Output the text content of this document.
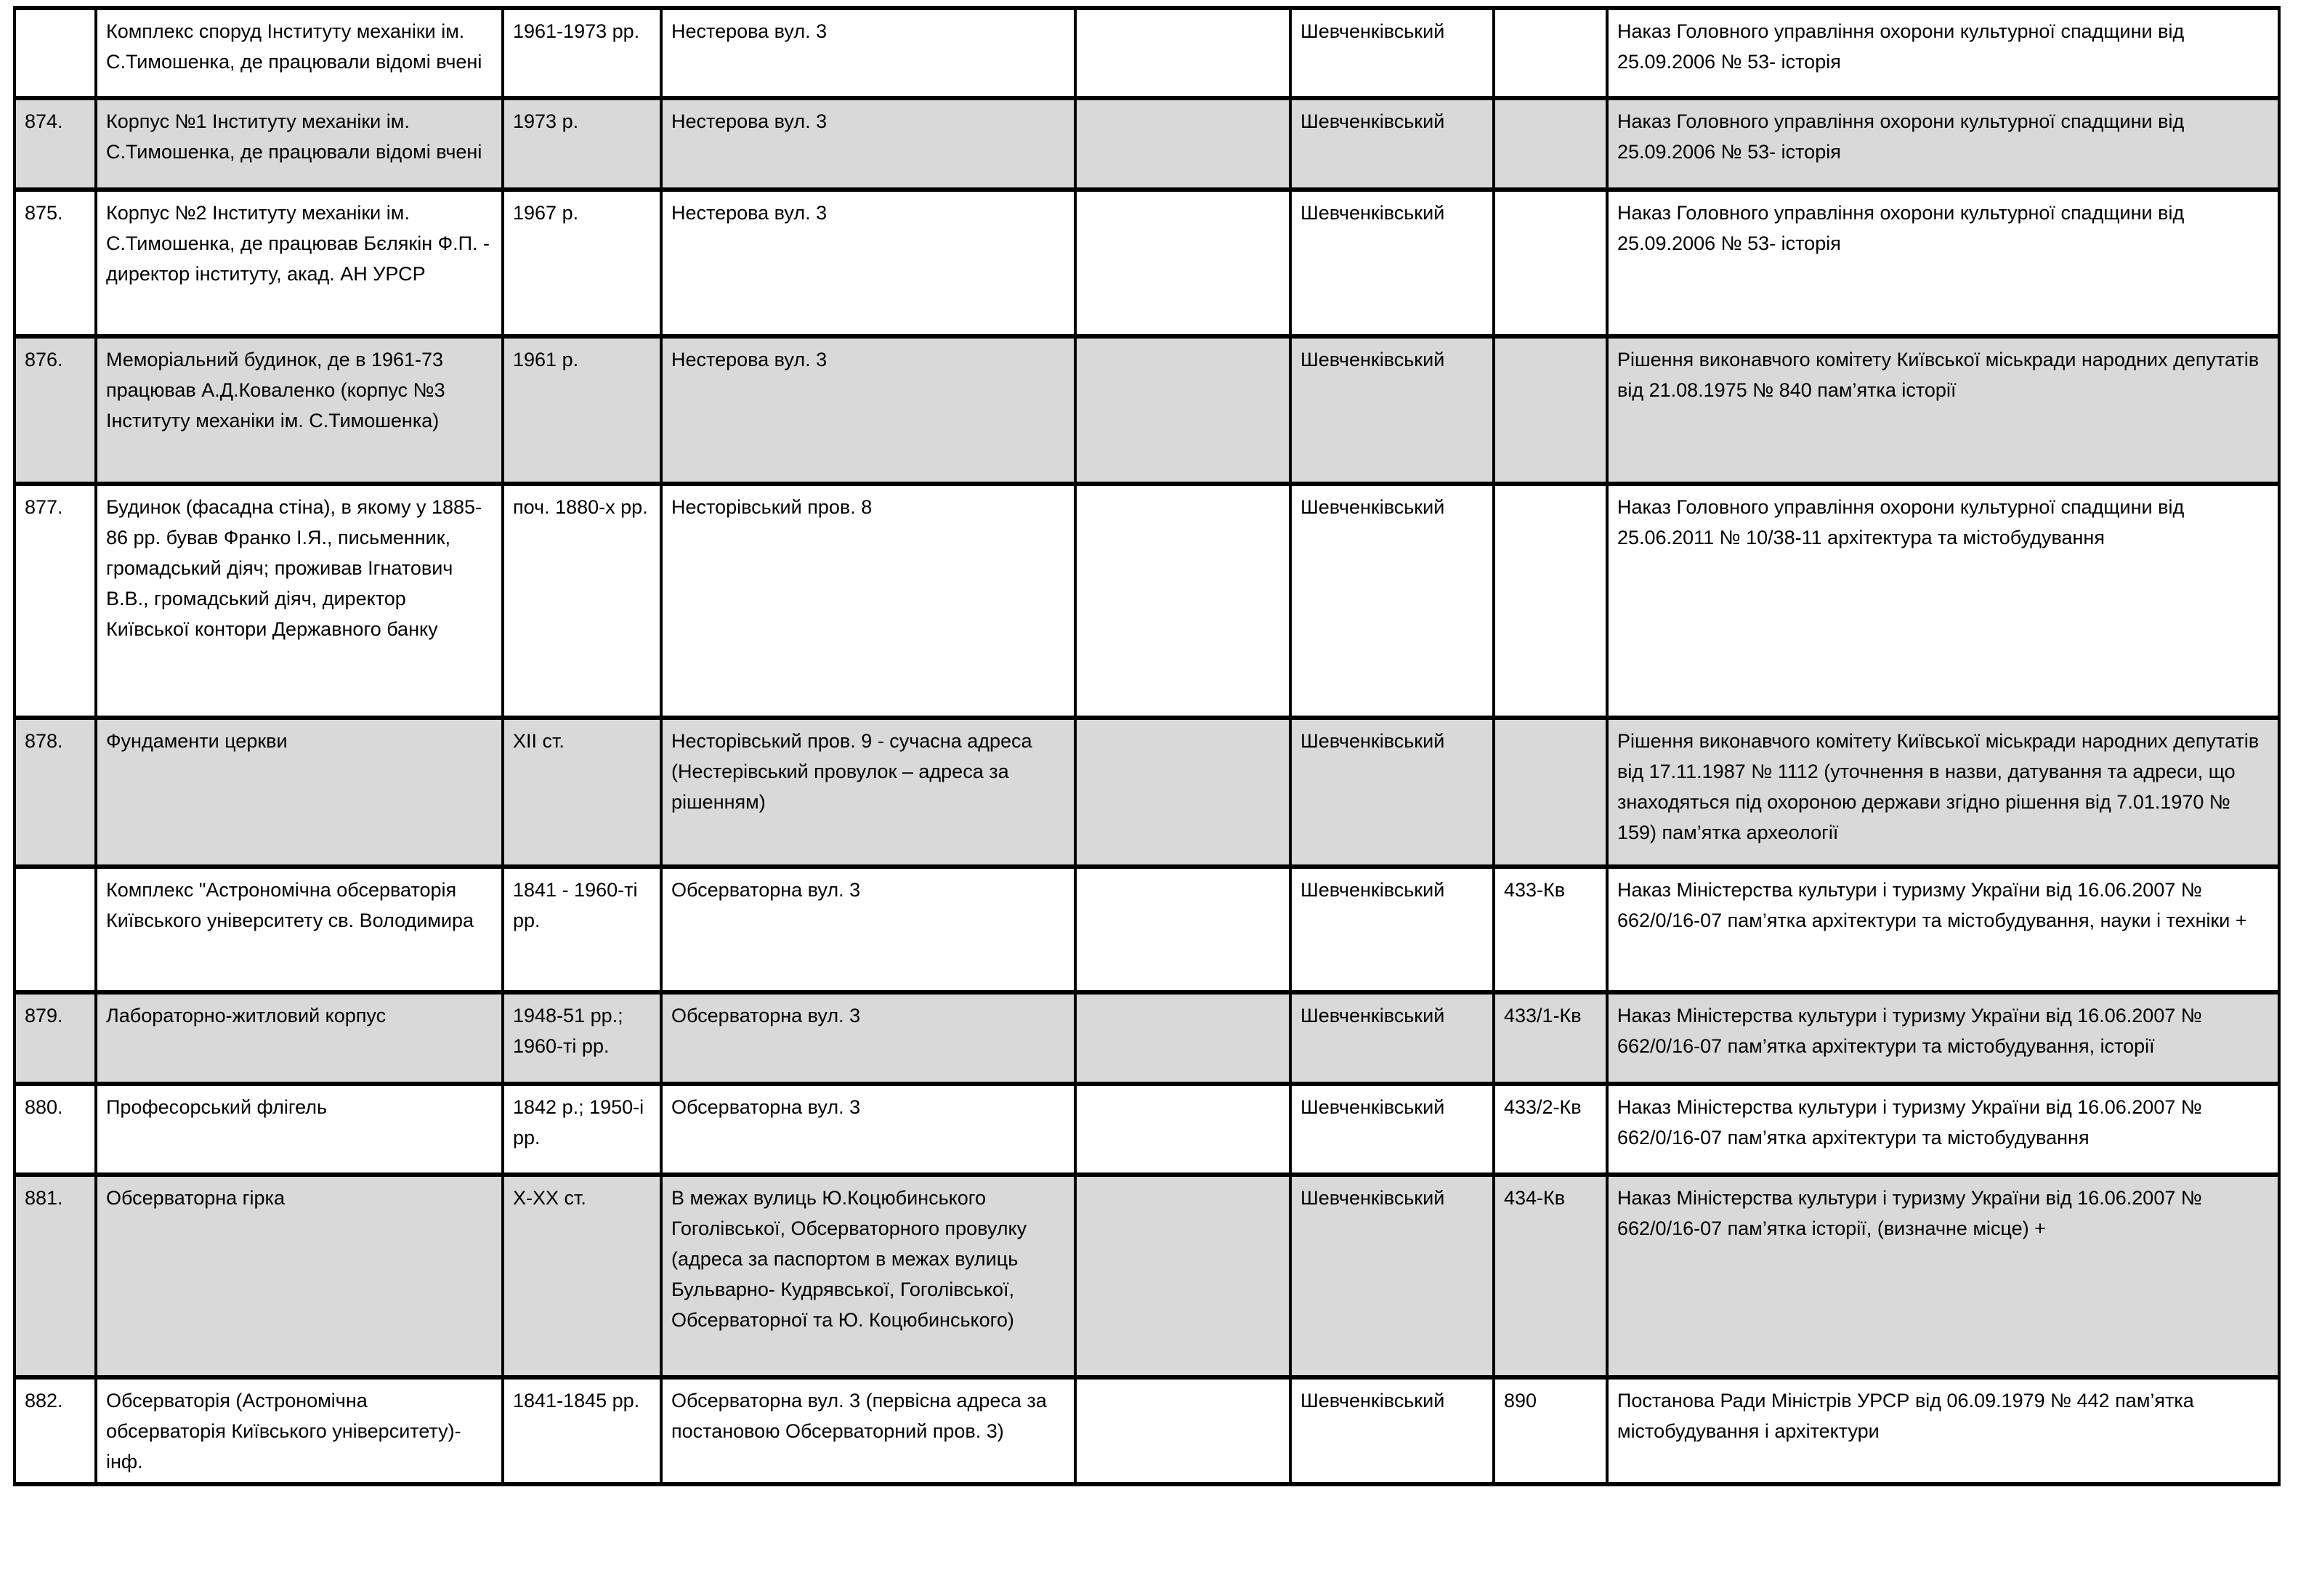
	Комплекс споруд Інституту механіки ім. С.Тимошенка, де працювали відомі вчені	1961-1973 рр.	Нестерова вул. 3		Шевченківський		Наказ Головного управління охорони культурної спадщини від 25.09.2006 № 53- історія
874.	Корпус №1 Інституту механіки ім. С.Тимошенка, де працювали відомі вчені	1973 р.	Нестерова вул. 3		Шевченківський		Наказ Головного управління охорони культурної спадщини від 25.09.2006 № 53- історія
875.	Корпус №2 Інституту механіки ім. С.Тимошенка, де працював Бєлякін Ф.П. - директор інституту, акад. АН УРСР	1967 р.	Нестерова вул. 3		Шевченківський		Наказ Головного управління охорони культурної спадщини від 25.09.2006 № 53- історія
876.	Меморіальний будинок, де в 1961-73 працював А.Д.Коваленко (корпус №3 Інституту механіки ім. С.Тимошенка)	1961 р.	Нестерова вул. 3		Шевченківський		Рішення виконавчого комітету Київської міськради народних депутатів від 21.08.1975 № 840 пам’ятка історії
877.	Будинок (фасадна стіна), в якому у 1885-86 рр. бував Франко І.Я., письменник, громадський діяч; проживав Ігнатович В.В., громадський діяч, директор Київської контори Державного банку	поч. 1880-х рр.	Несторівський пров. 8		Шевченківський		Наказ Головного управління охорони культурної спадщини від 25.06.2011 № 10/38-11 архітектура та містобудування
878.	Фундаменти церкви	ХІІ ст.	Несторівський пров. 9 - сучасна адреса (Нестерівський провулок – адреса за рішенням)		Шевченківський		Рішення виконавчого комітету Київської міськради народних депутатів від 17.11.1987 № 1112 (уточнення в назви, датування та адреси, що знаходяться під охороною держави згідно рішення від 7.01.1970 № 159) пам’ятка археології
	Комплекс "Астрономічна обсерваторія Київського університету св. Володимира	1841 - 1960-ті рр.	Обсерваторна вул. 3		Шевченківський	433-Кв	Наказ Міністерства культури і туризму України від 16.06.2007 № 662/0/16-07 пам’ятка архітектури та містобудування, науки і техніки +
879.	Лабораторно-житловий корпус	1948-51 рр.; 1960-ті рр.	Обсерваторна вул. 3		Шевченківський	433/1-Кв	Наказ Міністерства культури і туризму України від 16.06.2007 № 662/0/16-07 пам’ятка архітектури та містобудування, історії
880.	Професорський флігель	1842 р.; 1950-і рр.	Обсерваторна вул. 3		Шевченківський	433/2-Кв	Наказ Міністерства культури і туризму України від 16.06.2007 № 662/0/16-07 пам’ятка архітектури та містобудування
881.	Обсерваторна гірка	Х-ХХ ст.	В межах вулиць Ю.Коцюбинського Гоголівської, Обсерваторного провулку (адреса за паспортом в межах вулиць Бульварно- Кудрявської, Гоголівської, Обсерваторної та Ю. Коцюбинського)		Шевченківський	434-Кв	Наказ Міністерства культури і туризму України від 16.06.2007 № 662/0/16-07 пам’ятка історії, (визначне місце) +
882.	Обсерваторія (Астрономічна обсерваторія Київського університету)- інф.	1841-1845 рр.	Обсерваторна вул. 3 (первісна адреса за постановою Обсерваторний пров. 3)		Шевченківський	890	Постанова Ради Міністрів УРСР від 06.09.1979 № 442 пам’ятка містобудування і архітектури
